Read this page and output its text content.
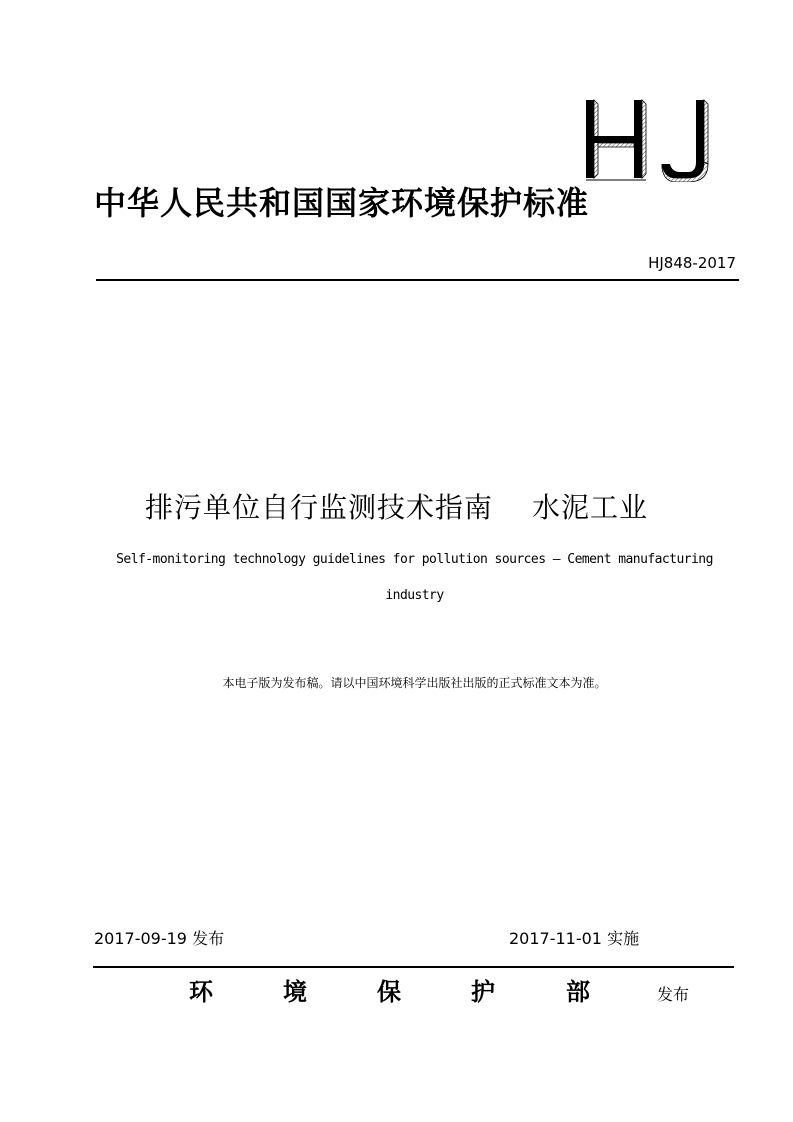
中华人民共和国国家环境保护标准
HJ848-2017
排污单位自行监测技术指南　 水泥工业
Self-monitoring technology guidelines for pollution sources — Cement manufacturing
industry
本电子版为发布稿。请以中国环境科学出版社出版的正式标准文本为准。
2017-09-19 发布	2017-11-01 实施
环	境	保	护	部	发布
